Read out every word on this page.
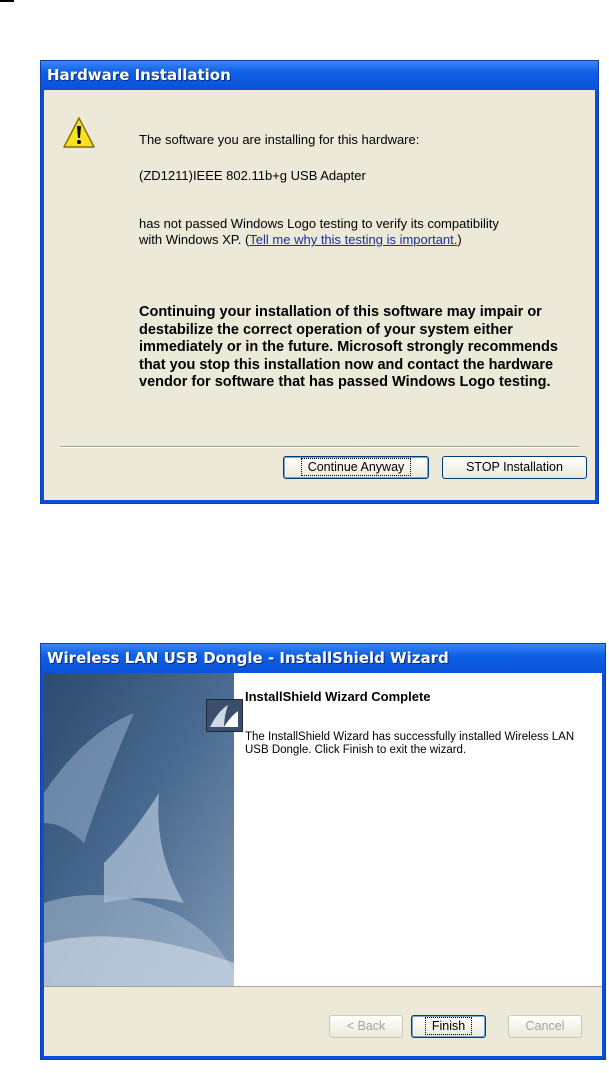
Hardware Installation
The software you are installing for this hardware:
(ZD1211)IEEE 802.11b+g USB Adapter
has not passed Windows Logo testing to verify its compatibility
with Windows XP. (Tell me why this testing is important.)
Continuing your installation of this software may impair or destabilize the correct operation of your system either immediately or in the future. Microsoft strongly recommends that you stop this installation now and contact the hardware vendor for software that has passed Windows Logo testing.
Continue Anyway	STOP Installation
Wireless LAN USB Dongle - InstallShield Wizard
InstallShield Wizard Complete
The InstallShield Wizard has successfully installed Wireless LAN USB Dongle. Click Finish to exit the wizard.
< Back	Finish	Cancel
